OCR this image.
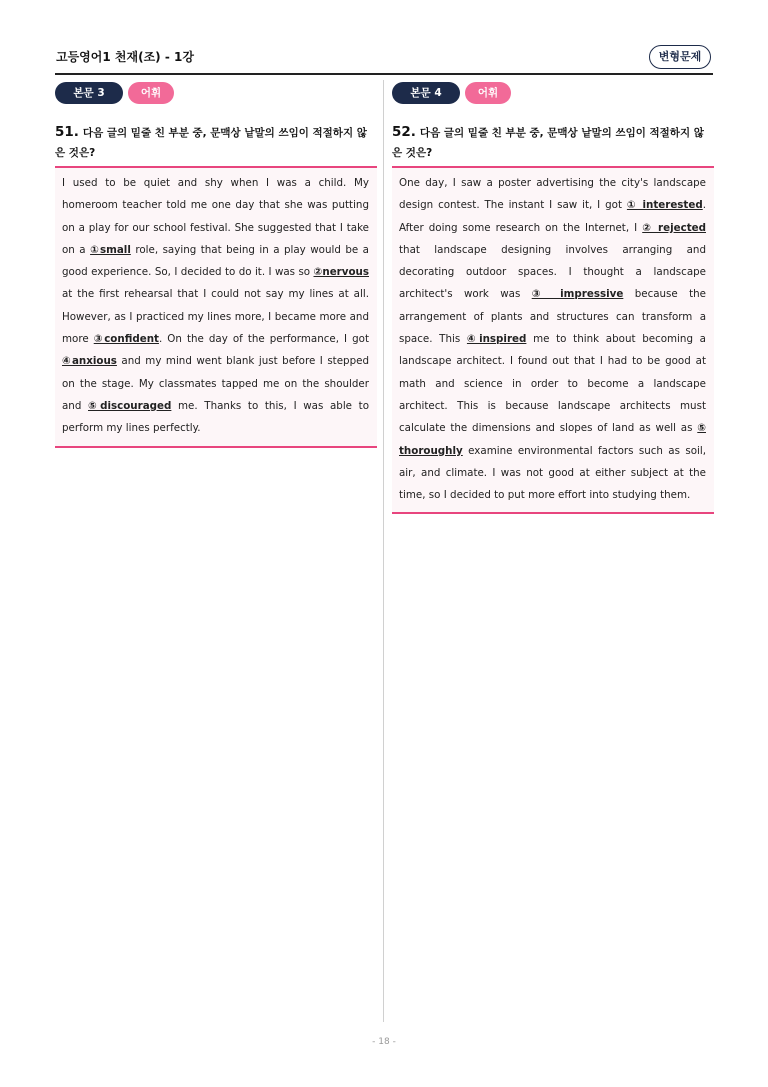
고등영어1 천재(조) - 1강	변형문제
본문 3	어휘
51. 다음 글의 밑줄 친 부분 중, 문맥상 낱말의 쓰임이 적절하지 않은 것은?
I used to be quiet and shy when I was a child. My homeroom teacher told me one day that she was putting on a play for our school festival. She suggested that I take on a ①small role, saying that being in a play would be a good experience. So, I decided to do it. I was so ②nervous at the first rehearsal that I could not say my lines at all. However, as I practiced my lines more, I became more and more ③confident. On the day of the performance, I got ④anxious and my mind went blank just before I stepped on the stage. My classmates tapped me on the shoulder and ⑤discouraged me. Thanks to this, I was able to perform my lines perfectly.
본문 4	어휘
52. 다음 글의 밑줄 친 부분 중, 문맥상 낱말의 쓰임이 적절하지 않은 것은?
One day, I saw a poster advertising the city's landscape design contest. The instant I saw it, I got ① interested. After doing some research on the Internet, I ② rejected that landscape designing involves arranging and decorating outdoor spaces. I thought a landscape architect's work was ③ impressive because the arrangement of plants and structures can transform a space. This ④inspired me to think about becoming a landscape architect. I found out that I had to be good at math and science in order to become a landscape architect. This is because landscape architects must calculate the dimensions and slopes of land as well as ⑤ thoroughly examine environmental factors such as soil, air, and climate. I was not good at either subject at the time, so I decided to put more effort into studying them.
- 18 -
